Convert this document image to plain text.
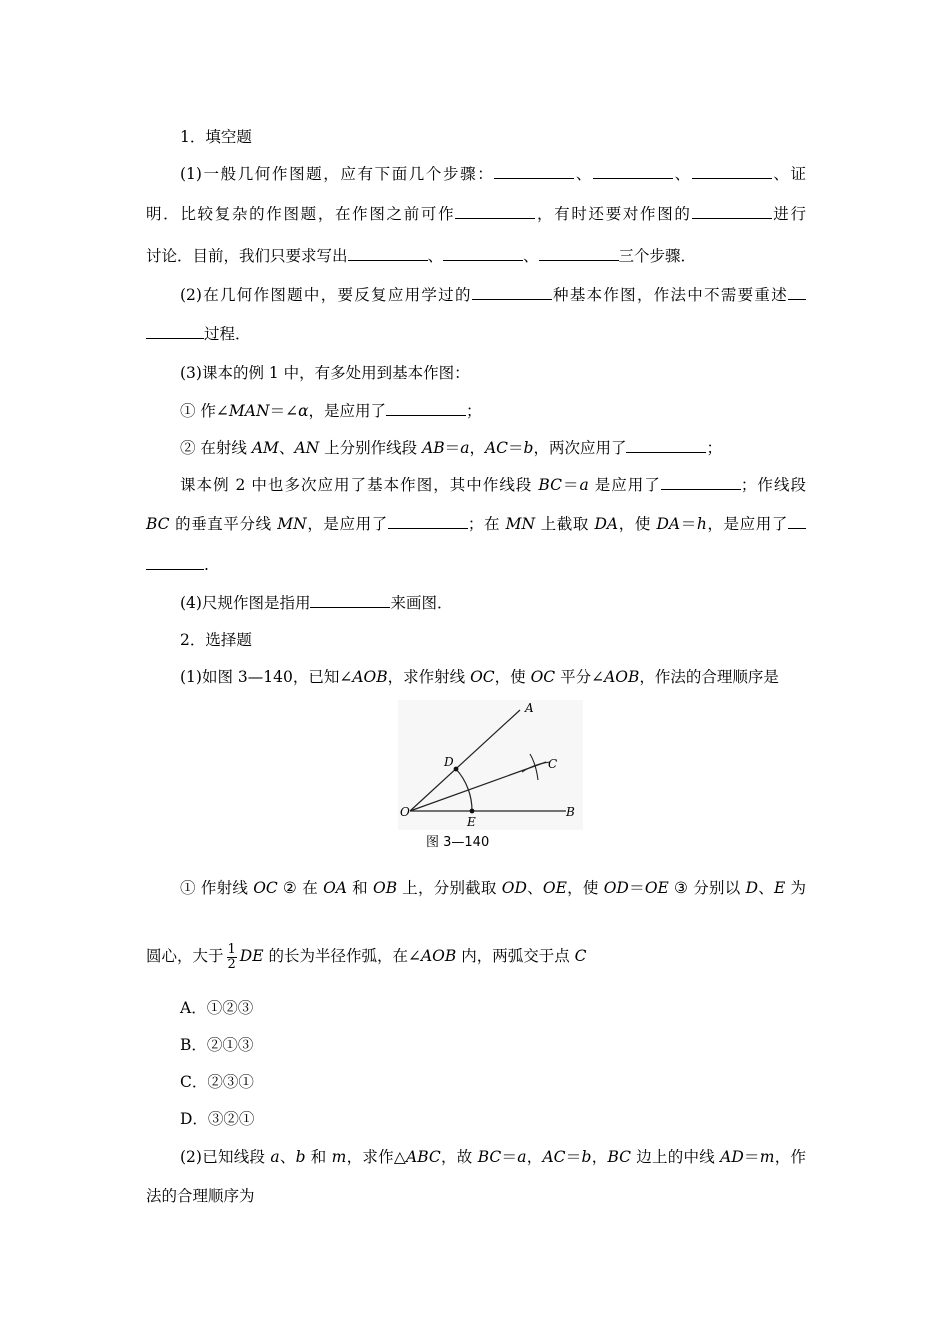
1．填空题
(1)一般几何作图题，应有下面几个步骤：	、	、	、证
明．比较复杂的作图题，在作图之前可作	，有时还要对作图的	进行
讨论．目前，我们只要求写出	、	、	三个步骤．
(2)在几何作图题中，要反复应用学过的	种基本作图，作法中不需要重述
过程．
(3)课本的例 1 中，有多处用到基本作图：
① 作∠MAN＝∠α，是应用了	；
② 在射线 AM、AN 上分别作线段 AB＝a，AC＝b，两次应用了	；
课本例 2 中也多次应用了基本作图，其中作线段 BC＝a 是应用了	；作线段
BC 的垂直平分线 MN，是应用了	；在 MN 上截取 DA，使 DA＝h，是应用了
.
(4)尺规作图是指用	来画图．
2．选择题
(1)如图 3—140，已知∠AOB，求作射线 OC，使 OC 平分∠AOB，作法的合理顺序是
A
B
C
D
E
O
图 3—140
① 作射线 OC ② 在 OA 和 OB 上，分别截取 OD、OE，使 OD＝OE ③ 分别以 D、E 为
圆心，大于 $\frac{1}{2}$ DE 的长为半径作弧，在∠AOB 内，两弧交于点 C
A．①②③
B．②①③
C．②③①
D．③②①
(2)已知线段 a、b 和 m，求作△ABC，故 BC＝a，AC＝b，BC 边上的中线 AD＝m，作
法的合理顺序为
